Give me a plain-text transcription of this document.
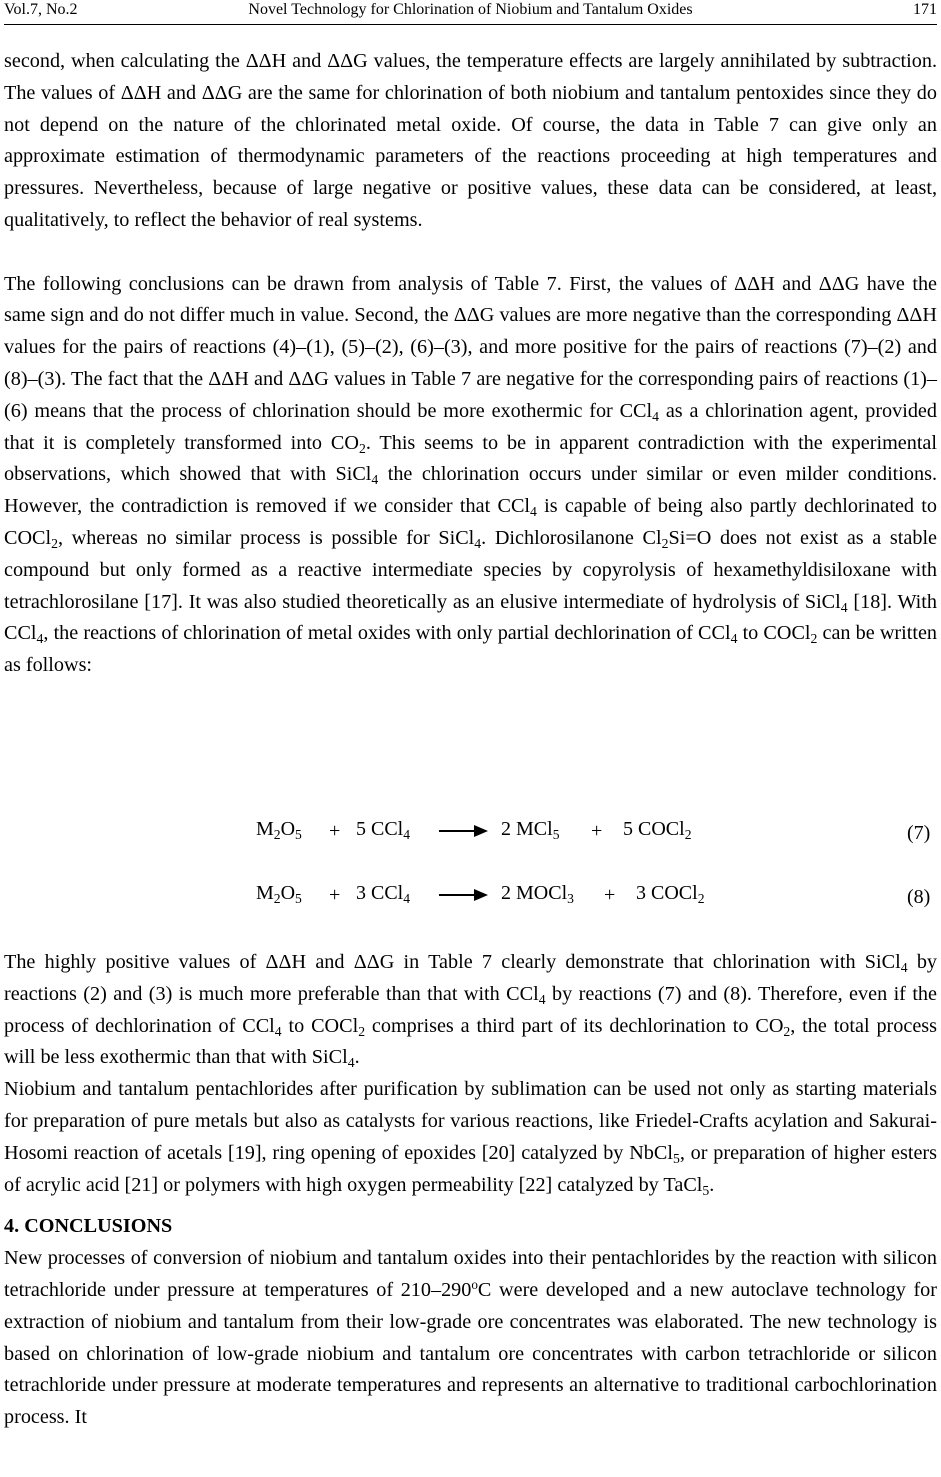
Vol.7, No.2	Novel Technology for Chlorination of Niobium and Tantalum Oxides	171

second, when calculating the ΔΔH and ΔΔG values, the temperature effects are largely annihilated by subtraction. The values of ΔΔH and ΔΔG are the same for chlorination of both niobium and tantalum pentoxides since they do not depend on the nature of the chlorinated metal oxide. Of course, the data in Table 7 can give only an approximate estimation of thermodynamic parameters of the reactions proceeding at high temperatures and pressures. Nevertheless, because of large negative or positive values, these data can be considered, at least, qualitatively, to reflect the behavior of real systems.

The following conclusions can be drawn from analysis of Table 7. First, the values of ΔΔH and ΔΔG have the same sign and do not differ much in value. Second, the ΔΔG values are more negative than the corresponding ΔΔH values for the pairs of reactions (4)–(1), (5)–(2), (6)–(3), and more positive for the pairs of reactions (7)–(2) and (8)–(3). The fact that the ΔΔH and ΔΔG values in Table 7 are negative for the corresponding pairs of reactions (1)–(6) means that the process of chlorination should be more exothermic for CCl$_4$ as a chlorination agent, provided that it is completely transformed into $CO_2$. This seems to be in apparent contradiction with the experimental observations, which showed that with SiCl$_4$ the chlorination occurs under similar or even milder conditions. However, the contradiction is removed if we consider that CCl$_4$ is capable of being also partly dechlorinated to COCl$_2$, whereas no similar process is possible for SiCl$_4$. Dichlorosilanone $Cl_2Si=O$ does not exist as a stable compound but only formed as a reactive intermediate species by copyrolysis of hexamethyldisiloxane with tetrachlorosilane [17]. It was also studied theoretically as an elusive intermediate of hydrolysis of SiCl$_4$ [18]. With CCl$_4$, the reactions of chlorination of metal oxides with only partial dechlorination of CCl$_4$ to COCl$_2$ can be written as follows:

$M_2O_5 + 5$ CCl$_4$	2 MCl$_5$ + 5 COCl$_2$	(7)
$M_2O_5 + 3$ CCl$_4$	2 MOCl$_3$ + 3 COCl$_2$	(8)

The highly positive values of ΔΔH and ΔΔG in Table 7 clearly demonstrate that chlorination with SiCl$_4$ by reactions (2) and (3) is much more preferable than that with CCl$_4$ by reactions (7) and (8). Therefore, even if the process of dechlorination of CCl$_4$ to COCl$_2$ comprises a third part of its dechlorination to $CO_2$, the total process will be less exothermic than that with SiCl$_4$.

Niobium and tantalum pentachlorides after purification by sublimation can be used not only as starting materials for preparation of pure metals but also as catalysts for various reactions, like Friedel-Crafts acylation and Sakurai-Hosomi reaction of acetals [19], ring opening of epoxides [20] catalyzed by NbCl$_5$, or preparation of higher esters of acrylic acid [21] or polymers with high oxygen permeability [22] catalyzed by TaCl$_5$.

4. CONCLUSIONS

New processes of conversion of niobium and tantalum oxides into their pentachlorides by the reaction with silicon tetrachloride under pressure at temperatures of 210–290$^o$C were developed and a new autoclave technology for extraction of niobium and tantalum from their low-grade ore concentrates was elaborated. The new technology is based on chlorination of low-grade niobium and tantalum ore concentrates with carbon tetrachloride or silicon tetrachloride under pressure at moderate temperatures and represents an alternative to traditional carbochlorination process. It
